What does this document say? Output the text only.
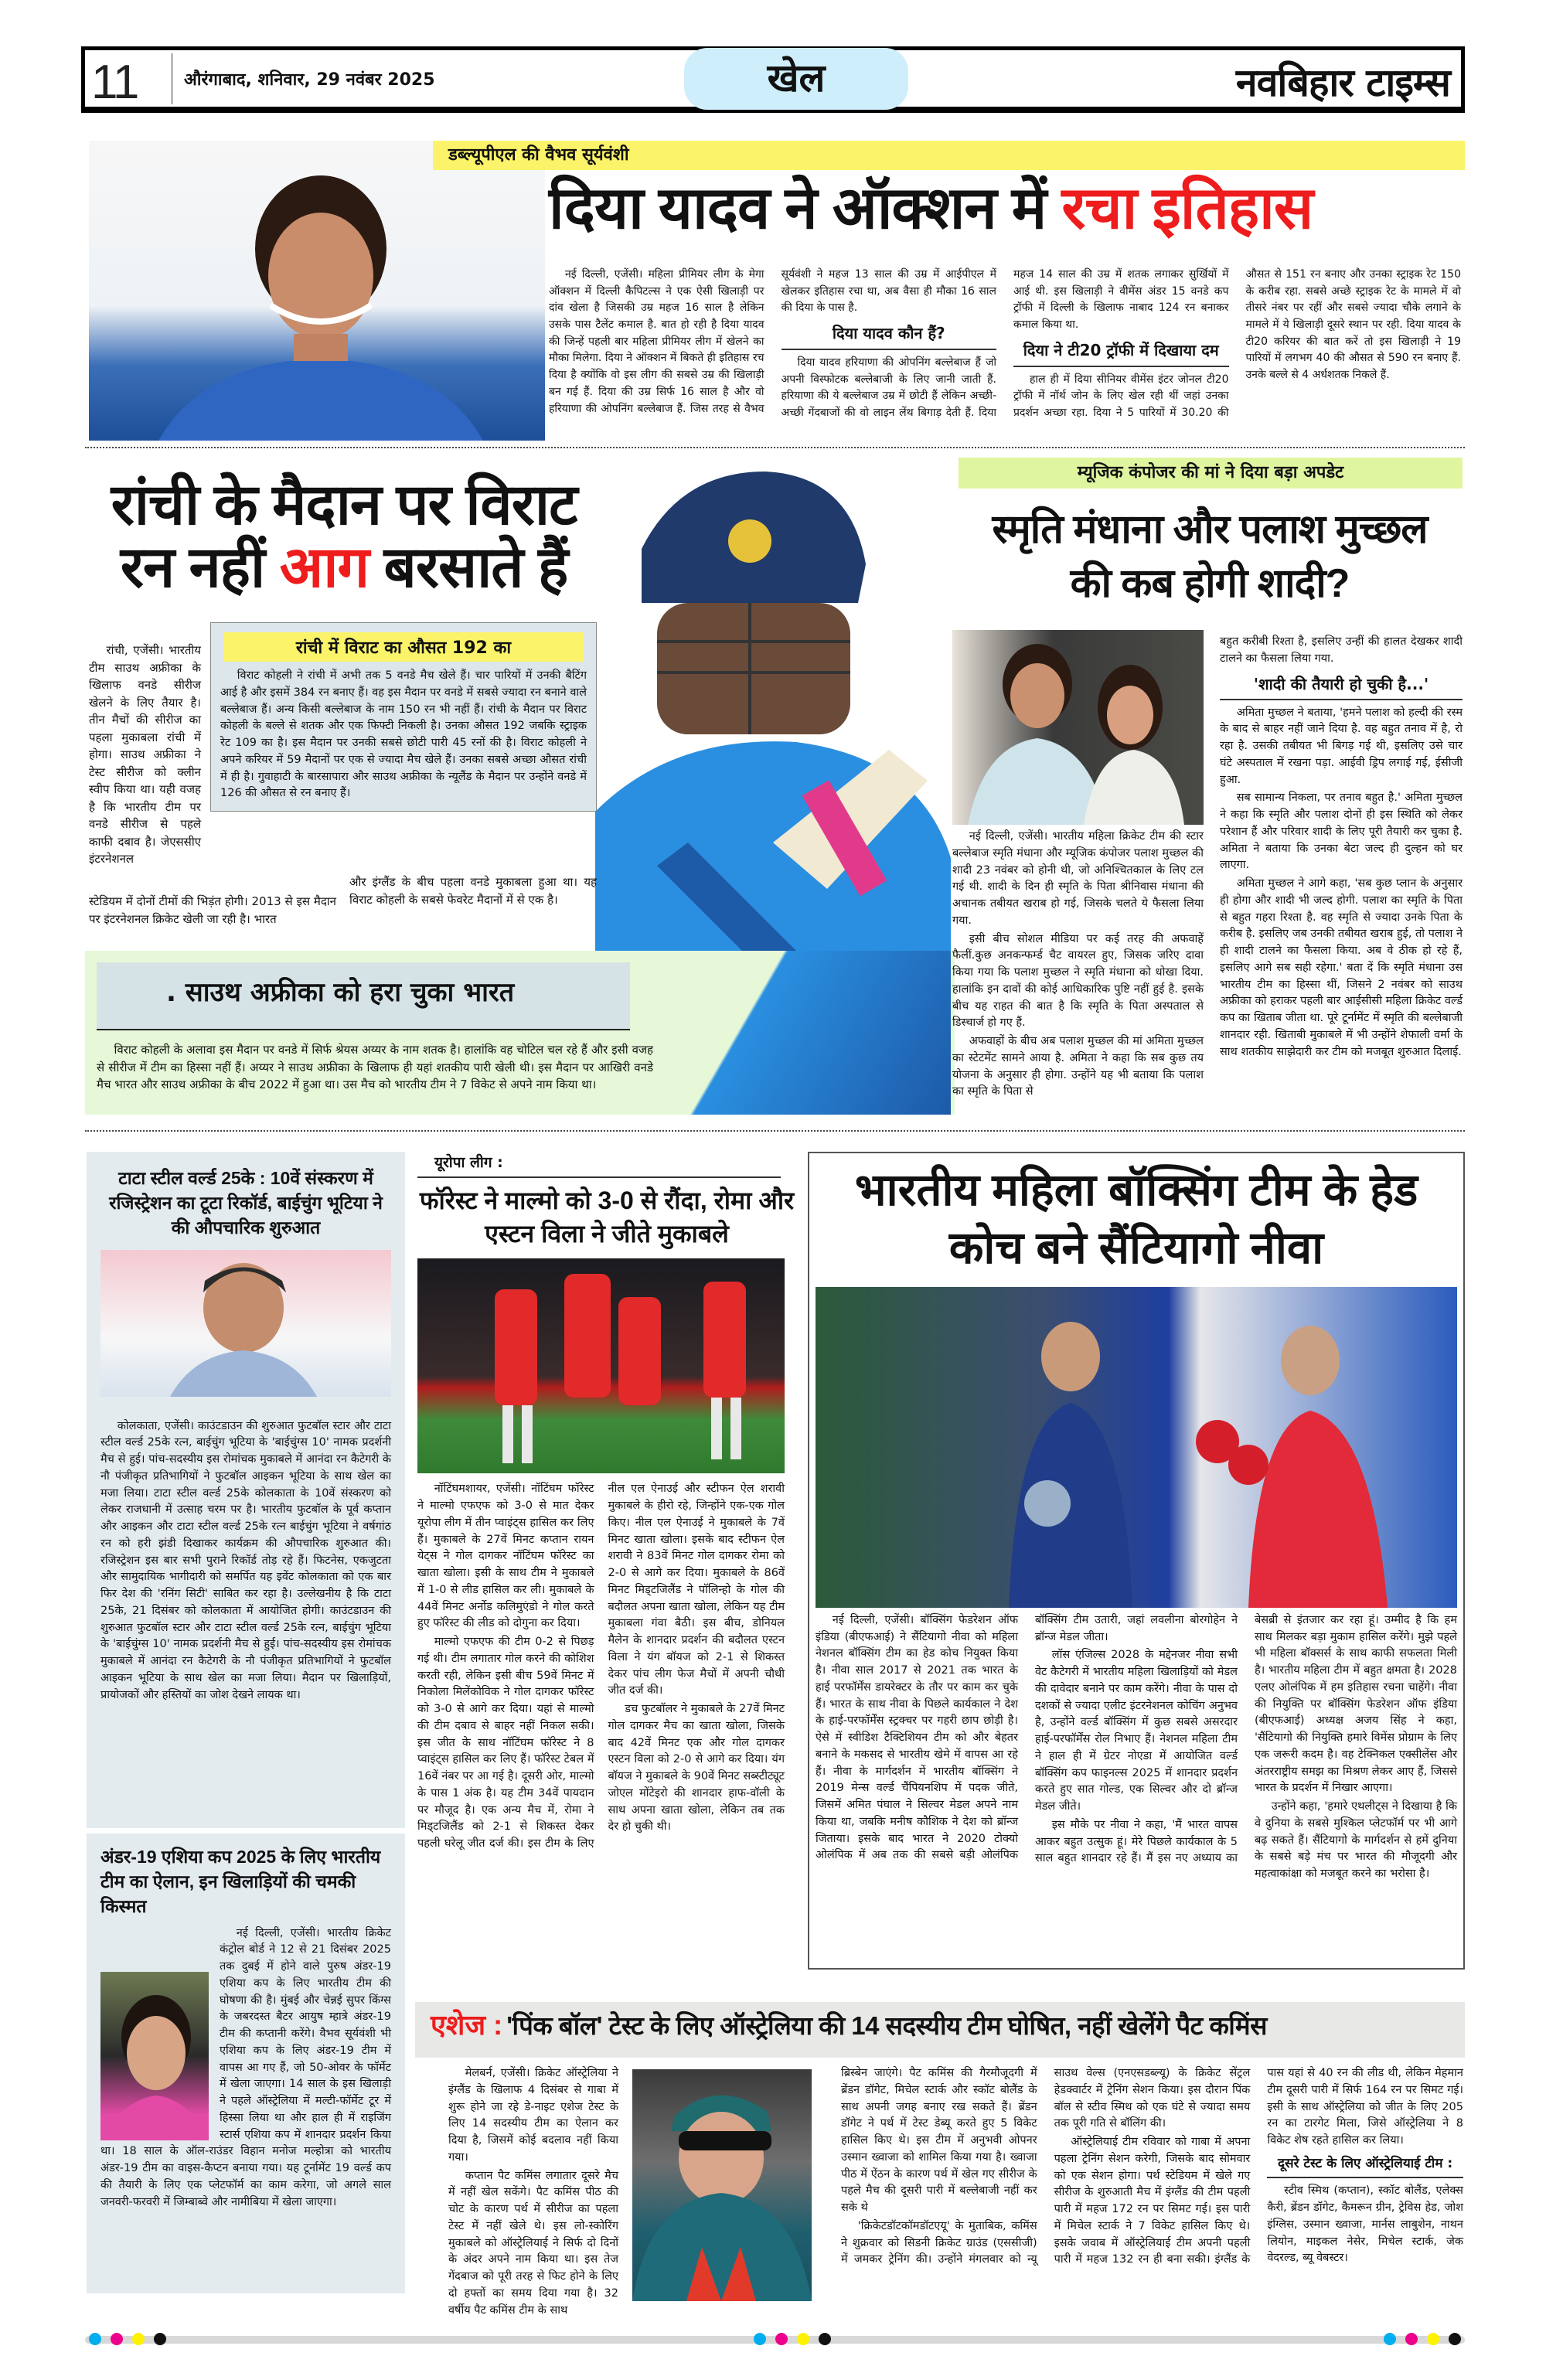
11	औरंगाबाद, शनिवार, 29 नवंबर 2025	खेल	नवबिहार टाइम्स
डब्ल्यूपीएल की वैभव सूर्यवंशी
दिया यादव ने ऑक्शन में रचा इतिहास

नई दिल्ली, एजेंसी। महिला प्रीमियर लीग के मेगा ऑक्शन में दिल्ली कैपिटल्स ने एक ऐसी खिलाड़ी पर दांव खेला है जिसकी उम्र महज 16 साल है लेकिन उसके पास टैलेंट कमाल है. बात हो रही है दिया यादव की जिन्हें पहली बार महिला प्रीमियर लीग में खेलने का मौका मिलेगा. दिया ने ऑक्शन में बिकते ही इतिहास रच दिया है क्योंकि वो इस लीग की सबसे उम्र की खिलाड़ी बन गई हैं. दिया की उम्र सिर्फ 16 साल है और वो हरियाणा की ओपनिंग बल्लेबाज हैं. जिस तरह से वैभव सूर्यवंशी ने महज 13 साल की उम्र में आईपीएल में खेलकर इतिहास रचा था, अब वैसा ही मौका 16 साल की दिया के पास है.

दिया यादव कौन हैं?

दिया यादव हरियाणा की ओपनिंग बल्लेबाज हैं जो अपनी विस्फोटक बल्लेबाजी के लिए जानी जाती हैं. हरियाणा की ये बल्लेबाज उम्र में छोटी हैं लेकिन अच्छी-अच्छी गेंदबाजों की वो लाइन लेंथ बिगाड़ देती हैं. दिया महज 14 साल की उम्र में शतक लगाकर सुर्खियों में आई थी. इस खिलाड़ी ने वीमेंस अंडर 15 वनडे कप ट्रॉफी में दिल्ली के खिलाफ नाबाद 124 रन बनाकर कमाल किया था.

दिया ने टी20 ट्रॉफी में दिखाया दम

हाल ही में दिया सीनियर वीमेंस इंटर जोनल टी20 ट्रॉफी में नॉर्थ जोन के लिए खेल रही थीं जहां उनका प्रदर्शन अच्छा रहा. दिया ने 5 पारियों में 30.20 की औसत से 151 रन बनाए और उनका स्ट्राइक रेट 150 के करीब रहा. सबसे अच्छे स्ट्राइक रेट के मामले में वो तीसरे नंबर पर रहीं और सबसे ज्यादा चौके लगाने के मामले में ये खिलाड़ी दूसरे स्थान पर रही. दिया यादव के टी20 करियर की बात करें तो इस खिलाड़ी ने 19 पारियों में लगभग 40 की औसत से 590 रन बनाए हैं. उनके बल्ले से 4 अर्धशतक निकले हैं.

रांची के मैदान पर विराट
रन नहीं आग बरसाते हैं

रांची, एजेंसी। भारतीय टीम साउथ अफ्रीका के खिलाफ वनडे सीरीज खेलने के लिए तैयार है। तीन मैचों की सीरीज का पहला मुकाबला रांची में होगा। साउथ अफ्रीका ने टेस्ट सीरीज को क्लीन स्वीप किया था। यही वजह है कि भारतीय टीम पर वनडे सीरीज से पहले काफी दबाव है। जेएससीए इंटरनेशनल

रांची में विराट का औसत 192 का

विराट कोहली ने रांची में अभी तक 5 वनडे मैच खेले हैं। चार पारियों में उनकी बैटिंग आई है और इसमें 384 रन बनाए हैं। वह इस मैदान पर वनडे में सबसे ज्यादा रन बनाने वाले बल्लेबाज हैं। अन्य किसी बल्लेबाज के नाम 150 रन भी नहीं हैं। रांची के मैदान पर विराट कोहली के बल्ले से शतक और एक फिफ्टी निकली है। उनका औसत 192 जबकि स्ट्राइक रेट 109 का है। इस मैदान पर उनकी सबसे छोटी पारी 45 रनों की है। विराट कोहली ने अपने करियर में 59 मैदानों पर एक से ज्यादा मैच खेले हैं। उनका सबसे अच्छा औसत रांची में ही है। गुवाहाटी के बारसापारा और साउथ अफ्रीका के न्यूलैंड के मैदान पर उन्होंने वनडे में 126 की औसत से रन बनाए हैं।

स्टेडियम में दोनों टीमों की भिड़ंत होगी। 2013 से इस मैदान पर इंटरनेशनल क्रिकेट खेली जा रही है। भारत

और इंग्लैंड के बीच पहला वनडे मुकाबला हुआ था। यह विराट कोहली के सबसे फेवरेट मैदानों में से एक है।

. साउथ अफ्रीका को हरा चुका भारत

विराट कोहली के अलावा इस मैदान पर वनडे में सिर्फ श्रेयस अय्यर के नाम शतक है। हालांकि वह चोटिल चल रहे हैं और इसी वजह से सीरीज में टीम का हिस्सा नहीं हैं। अय्यर ने साउथ अफ्रीका के खिलाफ ही यहां शतकीय पारी खेली थी। इस मैदान पर आखिरी वनडे मैच भारत और साउथ अफ्रीका के बीच 2022 में हुआ था। उस मैच को भारतीय टीम ने 7 विकेट से अपने नाम किया था।

म्यूजिक कंपोजर की मां ने दिया बड़ा अपडेट
स्मृति मंधाना और पलाश मुच्छल
की कब होगी शादी?

नई दिल्ली, एजेंसी। भारतीय महिला क्रिकेट टीम की स्टार बल्लेबाज स्मृति मंधाना और म्यूजिक कंपोजर पलाश मुच्छल की शादी 23 नवंबर को होनी थी, जो अनिश्चितकाल के लिए टल गई थी. शादी के दिन ही स्मृति के पिता श्रीनिवास मंधाना की अचानक तबीयत खराब हो गई, जिसके चलते ये फैसला लिया गया.

इसी बीच सोशल मीडिया पर कई तरह की अफवाहें फैलीं.कुछ अनकन्फर्म्ड चैट वायरल हुए, जिसक जरिए दावा किया गया कि पलाश मुच्छल ने स्मृति मंधाना को धोखा दिया. हालांकि इन दावों की कोई आधिकारिक पुष्टि नहीं हुई है. इसके बीच यह राहत की बात है कि स्मृति के पिता अस्पताल से डिस्चार्ज हो गए हैं.

अफवाहों के बीच अब पलाश मुच्छल की मां अमिता मुच्छल का स्टेटमेंट सामने आया है. अमिता ने कहा कि सब कुछ तय योजना के अनुसार ही होगा. उन्होंने यह भी बताया कि पलाश का स्मृति के पिता से

बहुत करीबी रिश्ता है, इसलिए उन्हीं की हालत देखकर शादी टालने का फैसला लिया गया.

'शादी की तैयारी हो चुकी है...'

अमिता मुच्छल ने बताया, 'हमने पलाश को हल्दी की रस्म के बाद से बाहर नहीं जाने दिया है. वह बहुत तनाव में है, रो रहा है. उसकी तबीयत भी बिगड़ गई थी, इसलिए उसे चार घंटे अस्पताल में रखना पड़ा. आईवी ड्रिप लगाई गई, ईसीजी हुआ.

सब सामान्य निकला, पर तनाव बहुत है.' अमिता मुच्छल ने कहा कि स्मृति और पलाश दोनों ही इस स्थिति को लेकर परेशान हैं और परिवार शादी के लिए पूरी तैयारी कर चुका है. अमिता ने बताया कि उनका बेटा जल्द ही दुल्हन को घर लाएगा.

अमिता मुच्छल ने आगे कहा, 'सब कुछ प्लान के अनुसार ही होगा और शादी भी जल्द होगी. पलाश का स्मृति के पिता से बहुत गहरा रिश्ता है. वह स्मृति से ज्यादा उनके पिता के करीब है. इसलिए जब उनकी तबीयत खराब हुई, तो पलाश ने ही शादी टालने का फैसला किया. अब वे ठीक हो रहे हैं, इसलिए आगे सब सही रहेगा.' बता दें कि स्मृति मंधाना उस भारतीय टीम का हिस्सा थीं, जिसने 2 नवंबर को साउथ अफ्रीका को हराकर पहली बार आईसीसी महिला क्रिकेट वर्ल्ड कप का खिताब जीता था. पूरे टूर्नामेंट में स्मृति की बल्लेबाजी शानदार रही. खिताबी मुकाबले में भी उन्होंने शेफाली वर्मा के साथ शतकीय साझेदारी कर टीम को मजबूत शुरुआत दिलाई.

टाटा स्टील वर्ल्ड 25के : 10वें संस्करण में रजिस्ट्रेशन का टूटा रिकॉर्ड, बाईचुंग भूटिया ने की औपचारिक शुरुआत

कोलकाता, एजेंसी। काउंटडाउन की शुरुआत फुटबॉल स्टार और टाटा स्टील वर्ल्ड 25के रत्न, बाईचुंग भूटिया के 'बाईचुंग्स 10' नामक प्रदर्शनी मैच से हुई। पांच-सदस्यीय इस रोमांचक मुकाबले में आनंदा रन कैटेगरी के नौ पंजीकृत प्रतिभागियों ने फुटबॉल आइकन भूटिया के साथ खेल का मजा लिया। टाटा स्टील वर्ल्ड 25के कोलकाता के 10वें संस्करण को लेकर राजधानी में उत्साह चरम पर है। भारतीय फुटबॉल के पूर्व कप्तान और आइकन और टाटा स्टील वर्ल्ड 25के रत्न बाईचुंग भूटिया ने वर्षगांठ रन को हरी झंडी दिखाकर कार्यक्रम की औपचारिक शुरुआत की। रजिस्ट्रेशन इस बार सभी पुराने रिकॉर्ड तोड़ रहे हैं। फिटनेस, एकजुटता और सामुदायिक भागीदारी को समर्पित यह इवेंट कोलकाता को एक बार फिर देश की 'रनिंग सिटी' साबित कर रहा है। उल्लेखनीय है कि टाटा 25के, 21 दिसंबर को कोलकाता में आयोजित होगी। काउंटडाउन की शुरुआत फुटबॉल स्टार और टाटा स्टील वर्ल्ड 25के रत्न, बाईचुंग भूटिया के 'बाईचुंग्स 10' नामक प्रदर्शनी मैच से हुई। पांच-सदस्यीय इस रोमांचक मुकाबले में आनंदा रन कैटेगरी के नौ पंजीकृत प्रतिभागियों ने फुटबॉल आइकन भूटिया के साथ खेल का मजा लिया। मैदान पर खिलाड़ियों, प्रायोजकों और हस्तियों का जोश देखने लायक था।

अंडर-19 एशिया कप 2025 के लिए भारतीय टीम का ऐलान, इन खिलाड़ियों की चमकी किस्मत

नई दिल्ली, एजेंसी। भारतीय क्रिकेट कंट्रोल बोर्ड ने 12 से 21 दिसंबर 2025 तक दुबई में होने वाले पुरुष अंडर-19 एशिया कप के लिए भारतीय टीम की घोषणा की है। मुंबई और चेन्नई सुपर किंग्स के जबरदस्त बैटर आयुष म्हात्रे अंडर-19 टीम की कप्तानी करेंगे। वैभव सूर्यवंशी भी एशिया कप के लिए अंडर-19 टीम में वापस आ गए हैं, जो 50-ओवर के फॉर्मेट में खेला जाएगा। 14 साल के इस खिलाड़ी ने पहले ऑस्ट्रेलिया में मल्टी-फॉर्मेट टूर में हिस्सा लिया था और हाल ही में राइजिंग स्टार्स एशिया कप में शानदार प्रदर्शन किया था। 18 साल के ऑल-राउंडर विहान मनोज मल्होत्रा को भारतीय अंडर-19 टीम का वाइस-कैप्टन बनाया गया। यह टूर्नामेंट 19 वर्ल्ड कप की तैयारी के लिए एक प्लेटफॉर्म का काम करेगा, जो अगले साल जनवरी-फरवरी में जिम्बाब्वे और नामीबिया में खेला जाएगा।

यूरोपा लीग :
फॉरेस्ट ने माल्मो को 3-0 से रौंदा, रोमा और एस्टन विला ने जीते मुकाबले

नॉटिंघमशायर, एजेंसी। नॉटिंघम फॉरेस्ट ने माल्मो एफएफ को 3-0 से मात देकर यूरोपा लीग में तीन प्वाइंट्स हासिल कर लिए हैं। मुकाबले के 27वें मिनट कप्तान रायन येट्स ने गोल दागकर नॉटिंघम फॉरेस्ट का खाता खोला। इसी के साथ टीम ने मुकाबले में 1-0 से लीड हासिल कर ली। मुकाबले के 44वें मिनट अर्नोड कलिमुएंडो ने गोल करते हुए फॉरेस्ट की लीड को दोगुना कर दिया।

माल्मो एफएफ की टीम 0-2 से पिछड़ गई थी। टीम लगातार गोल करने की कोशिश करती रही, लेकिन इसी बीच 59वें मिनट में निकोला मिलेंकोविक ने गोल दागकर फॉरेस्ट को 3-0 से आगे कर दिया। यहां से माल्मो की टीम दबाव से बाहर नहीं निकल सकी। इस जीत के साथ नॉटिंघम फॉरेस्ट ने 8 प्वाइंट्स हासिल कर लिए हैं। फॉरेस्ट टेबल में 16वें नंबर पर आ गई है। दूसरी ओर, माल्मो के पास 1 अंक है। यह टीम 34वें पायदान पर मौजूद है। एक अन्य मैच में, रोमा ने मिड्टजिलैंड को 2-1 से शिकस्त देकर पहली घरेलू जीत दर्ज की। इस टीम के लिए नील एल ऐनाउई और स्टीफन ऐल शरावी मुकाबले के हीरो रहे, जिन्होंने एक-एक गोल किए। नील एल ऐनाउई ने मुकाबले के 7वें मिनट खाता खोला। इसके बाद स्टीफन ऐल शरावी ने 83वें मिनट गोल दागकर रोमा को 2-0 से आगे कर दिया। मुकाबले के 86वें मिनट मिड्टजिलैंड ने पॉलिन्हो के गोल की बदौलत अपना खाता खोला, लेकिन यह टीम मुकाबला गंवा बैठी। इस बीच, डोनियल मैलेन के शानदार प्रदर्शन की बदौलत एस्टन विला ने यंग बॉयज को 2-1 से शिकस्त देकर पांच लीग फेज मैचों में अपनी चौथी जीत दर्ज की।

डच फुटबॉलर ने मुकाबले के 27वें मिनट गोल दागकर मैच का खाता खोला, जिसके बाद 42वें मिनट एक और गोल दागकर एस्टन विला को 2-0 से आगे कर दिया। यंग बॉयज ने मुकाबले के 90वें मिनट सब्स्टीट्यूट जोएल मोंटेइरो की शानदार हाफ-वॉली के साथ अपना खाता खोला, लेकिन तब तक देर हो चुकी थी।

भारतीय महिला बॉक्सिंग टीम के हेड कोच बने सैंटियागो नीवा

नई दिल्ली, एजेंसी। बॉक्सिंग फेडरेशन ऑफ इंडिया (बीएफआई) ने सैंटियागो नीवा को महिला नेशनल बॉक्सिंग टीम का हेड कोच नियुक्त किया है। नीवा साल 2017 से 2021 तक भारत के हाई परफॉर्मेंस डायरेक्टर के तौर पर काम कर चुके हैं। भारत के साथ नीवा के पिछले कार्यकाल ने देश के हाई-परफॉर्मेंस स्ट्रक्चर पर गहरी छाप छोड़ी है। ऐसे में स्वीडिश टैक्टिशियन टीम को और बेहतर बनाने के मकसद से भारतीय खेमे में वापस आ रहे हैं। नीवा के मार्गदर्शन में भारतीय बॉक्सिंग ने 2019 मेन्स वर्ल्ड चैंपियनशिप में पदक जीते, जिसमें अमित पंघाल ने सिल्वर मेडल अपने नाम किया था, जबकि मनीष कौशिक ने देश को ब्रॉन्ज जिताया। इसके बाद भारत ने 2020 टोक्यो ओलंपिक में अब तक की सबसे बड़ी ओलंपिक बॉक्सिंग टीम उतारी, जहां लवलीना बोरगोहेन ने ब्रॉन्ज मेडल जीता।

लॉस एंजिल्स 2028 के मद्देनजर नीवा सभी वेट कैटेगरी में भारतीय महिला खिलाड़ियों को मेडल की दावेदार बनाने पर काम करेंगे। नीवा के पास दो दशकों से ज्यादा एलीट इंटरनेशनल कोचिंग अनुभव है, उन्होंने वर्ल्ड बॉक्सिंग में कुछ सबसे असरदार हाई-परफॉर्मेंस रोल निभाए हैं। नेशनल महिला टीम ने हाल ही में ग्रेटर नोएडा में आयोजित वर्ल्ड बॉक्सिंग कप फाइनल्स 2025 में शानदार प्रदर्शन करते हुए सात गोल्ड, एक सिल्वर और दो ब्रॉन्ज मेडल जीते।

इस मौके पर नीवा ने कहा, 'मैं भारत वापस आकर बहुत उत्सुक हूं। मेरे पिछले कार्यकाल के 5 साल बहुत शानदार रहे हैं। मैं इस नए अध्याय का बेसब्री से इंतजार कर रहा हूं। उम्मीद है कि हम साथ मिलकर बड़ा मुकाम हासिल करेंगे। मुझे पहले भी महिला बॉक्सर्स के साथ काफी सफलता मिली है। भारतीय महिला टीम में बहुत क्षमता है। 2028 एलए ओलंपिक में हम इतिहास रचना चाहेंगे। नीवा की नियुक्ति पर बॉक्सिंग फेडरेशन ऑफ इंडिया (बीएफआई) अध्यक्ष अजय सिंह ने कहा, 'सैंटियागो की नियुक्ति हमारे विमेंस प्रोग्राम के लिए एक जरूरी कदम है। वह टेक्निकल एक्सीलेंस और अंतरराष्ट्रीय समझ का मिश्रण लेकर आए हैं, जिससे भारत के प्रदर्शन में निखार आएगा।

उन्होंने कहा, 'हमारे एथलीट्स ने दिखाया है कि वे दुनिया के सबसे मुश्किल प्लेटफॉर्म पर भी आगे बढ़ सकते हैं। सैंटियागो के मार्गदर्शन से हमें दुनिया के सबसे बड़े मंच पर भारत की मौजूदगी और महत्वाकांक्षा को मजबूत करने का भरोसा है।

एशेज : 'पिंक बॉल' टेस्ट के लिए ऑस्ट्रेलिया की 14 सदस्यीय टीम घोषित, नहीं खेलेंगे पैट कमिंस

मेलबर्न, एजेंसी। क्रिकेट ऑस्ट्रेलिया ने इंग्लैंड के खिलाफ 4 दिसंबर से गाबा में शुरू होने जा रहे डे-नाइट एशेज टेस्ट के लिए 14 सदस्यीय टीम का ऐलान कर दिया है, जिसमें कोई बदलाव नहीं किया गया।

कप्तान पैट कमिंस लगातार दूसरे मैच में नहीं खेल सकेंगे। पैट कमिंस पीठ की चोट के कारण पर्थ में सीरीज का पहला टेस्ट में नहीं खेले थे। इस लो-स्कोरिंग मुकाबले को ऑस्ट्रेलियाई ने सिर्फ दो दिनों के अंदर अपने नाम किया था। इस तेज गेंदबाज को पूरी तरह से फिट होने के लिए दो हफ्तों का समय दिया गया है। 32 वर्षीय पैट कमिंस टीम के साथ

ब्रिस्बेन जाएंगे। पैट कमिंस की गैरमौजूदगी में ब्रेंडन डॉगेट, मिचेल स्टार्क और स्कॉट बोलैंड के साथ अपनी जगह बनाए रख सकते हैं। ब्रेंडन डॉगेट ने पर्थ में टेस्ट डेब्यू करते हुए 5 विकेट हासिल किए थे। इस टीम में अनुभवी ओपनर उस्मान ख्वाजा को शामिल किया गया है। ख्वाजा पीठ में ऐंठन के कारण पर्थ में खेल गए सीरीज के पहले मैच की दूसरी पारी में बल्लेबाजी नहीं कर सके थे

'क्रिकेटडॉटकॉमडॉटएयू' के मुताबिक, कमिंस ने शुक्रवार को सिडनी क्रिकेट ग्राउंड (एससीजी) में जमकर ट्रेनिंग की। उन्होंने मंगलवार को न्यू साउथ वेल्स (एनएसडब्ल्यू) के क्रिकेट सेंट्रल हेडक्वार्टर में ट्रेनिंग सेशन किया। इस दौरान पिंक बॉल से स्टीव स्मिथ को एक घंटे से ज्यादा समय तक पूरी गति से बॉलिंग की।

ऑस्ट्रेलियाई टीम रविवार को गाबा में अपना पहला ट्रेनिंग सेशन करेगी, जिसके बाद सोमवार को एक सेशन होगा। पर्थ स्टेडियम में खेले गए सीरीज के शुरुआती मैच में इंग्लैंड की टीम पहली पारी में महज 172 रन पर सिमट गई। इस पारी में मिचेल स्टार्क ने 7 विकेट हासिल किए थे। इसके जवाब में ऑस्ट्रेलियाई टीम अपनी पहली पारी में महज 132 रन ही बना सकी। इंग्लैंड के पास यहां से 40 रन की लीड थी, लेकिन मेहमान टीम दूसरी पारी में सिर्फ 164 रन पर सिमट गई। इसी के साथ ऑस्ट्रेलिया को जीत के लिए 205 रन का टारगेट मिला, जिसे ऑस्ट्रेलिया ने 8 विकेट शेष रहते हासिल कर लिया।

दूसरे टेस्ट के लिए ऑस्ट्रेलियाई टीम :

स्टीव स्मिथ (कप्तान), स्कॉट बोलैंड, एलेक्स कैरी, ब्रेंडन डॉगेट, कैमरून ग्रीन, ट्रेविस हेड, जोश इंग्लिस, उस्मान ख्वाजा, मार्नस लाबुशेन, नाथन लियोन, माइकल नेसेर, मिचेल स्टार्क, जेक वेदरल्ड, ब्यू वेबस्टर।
